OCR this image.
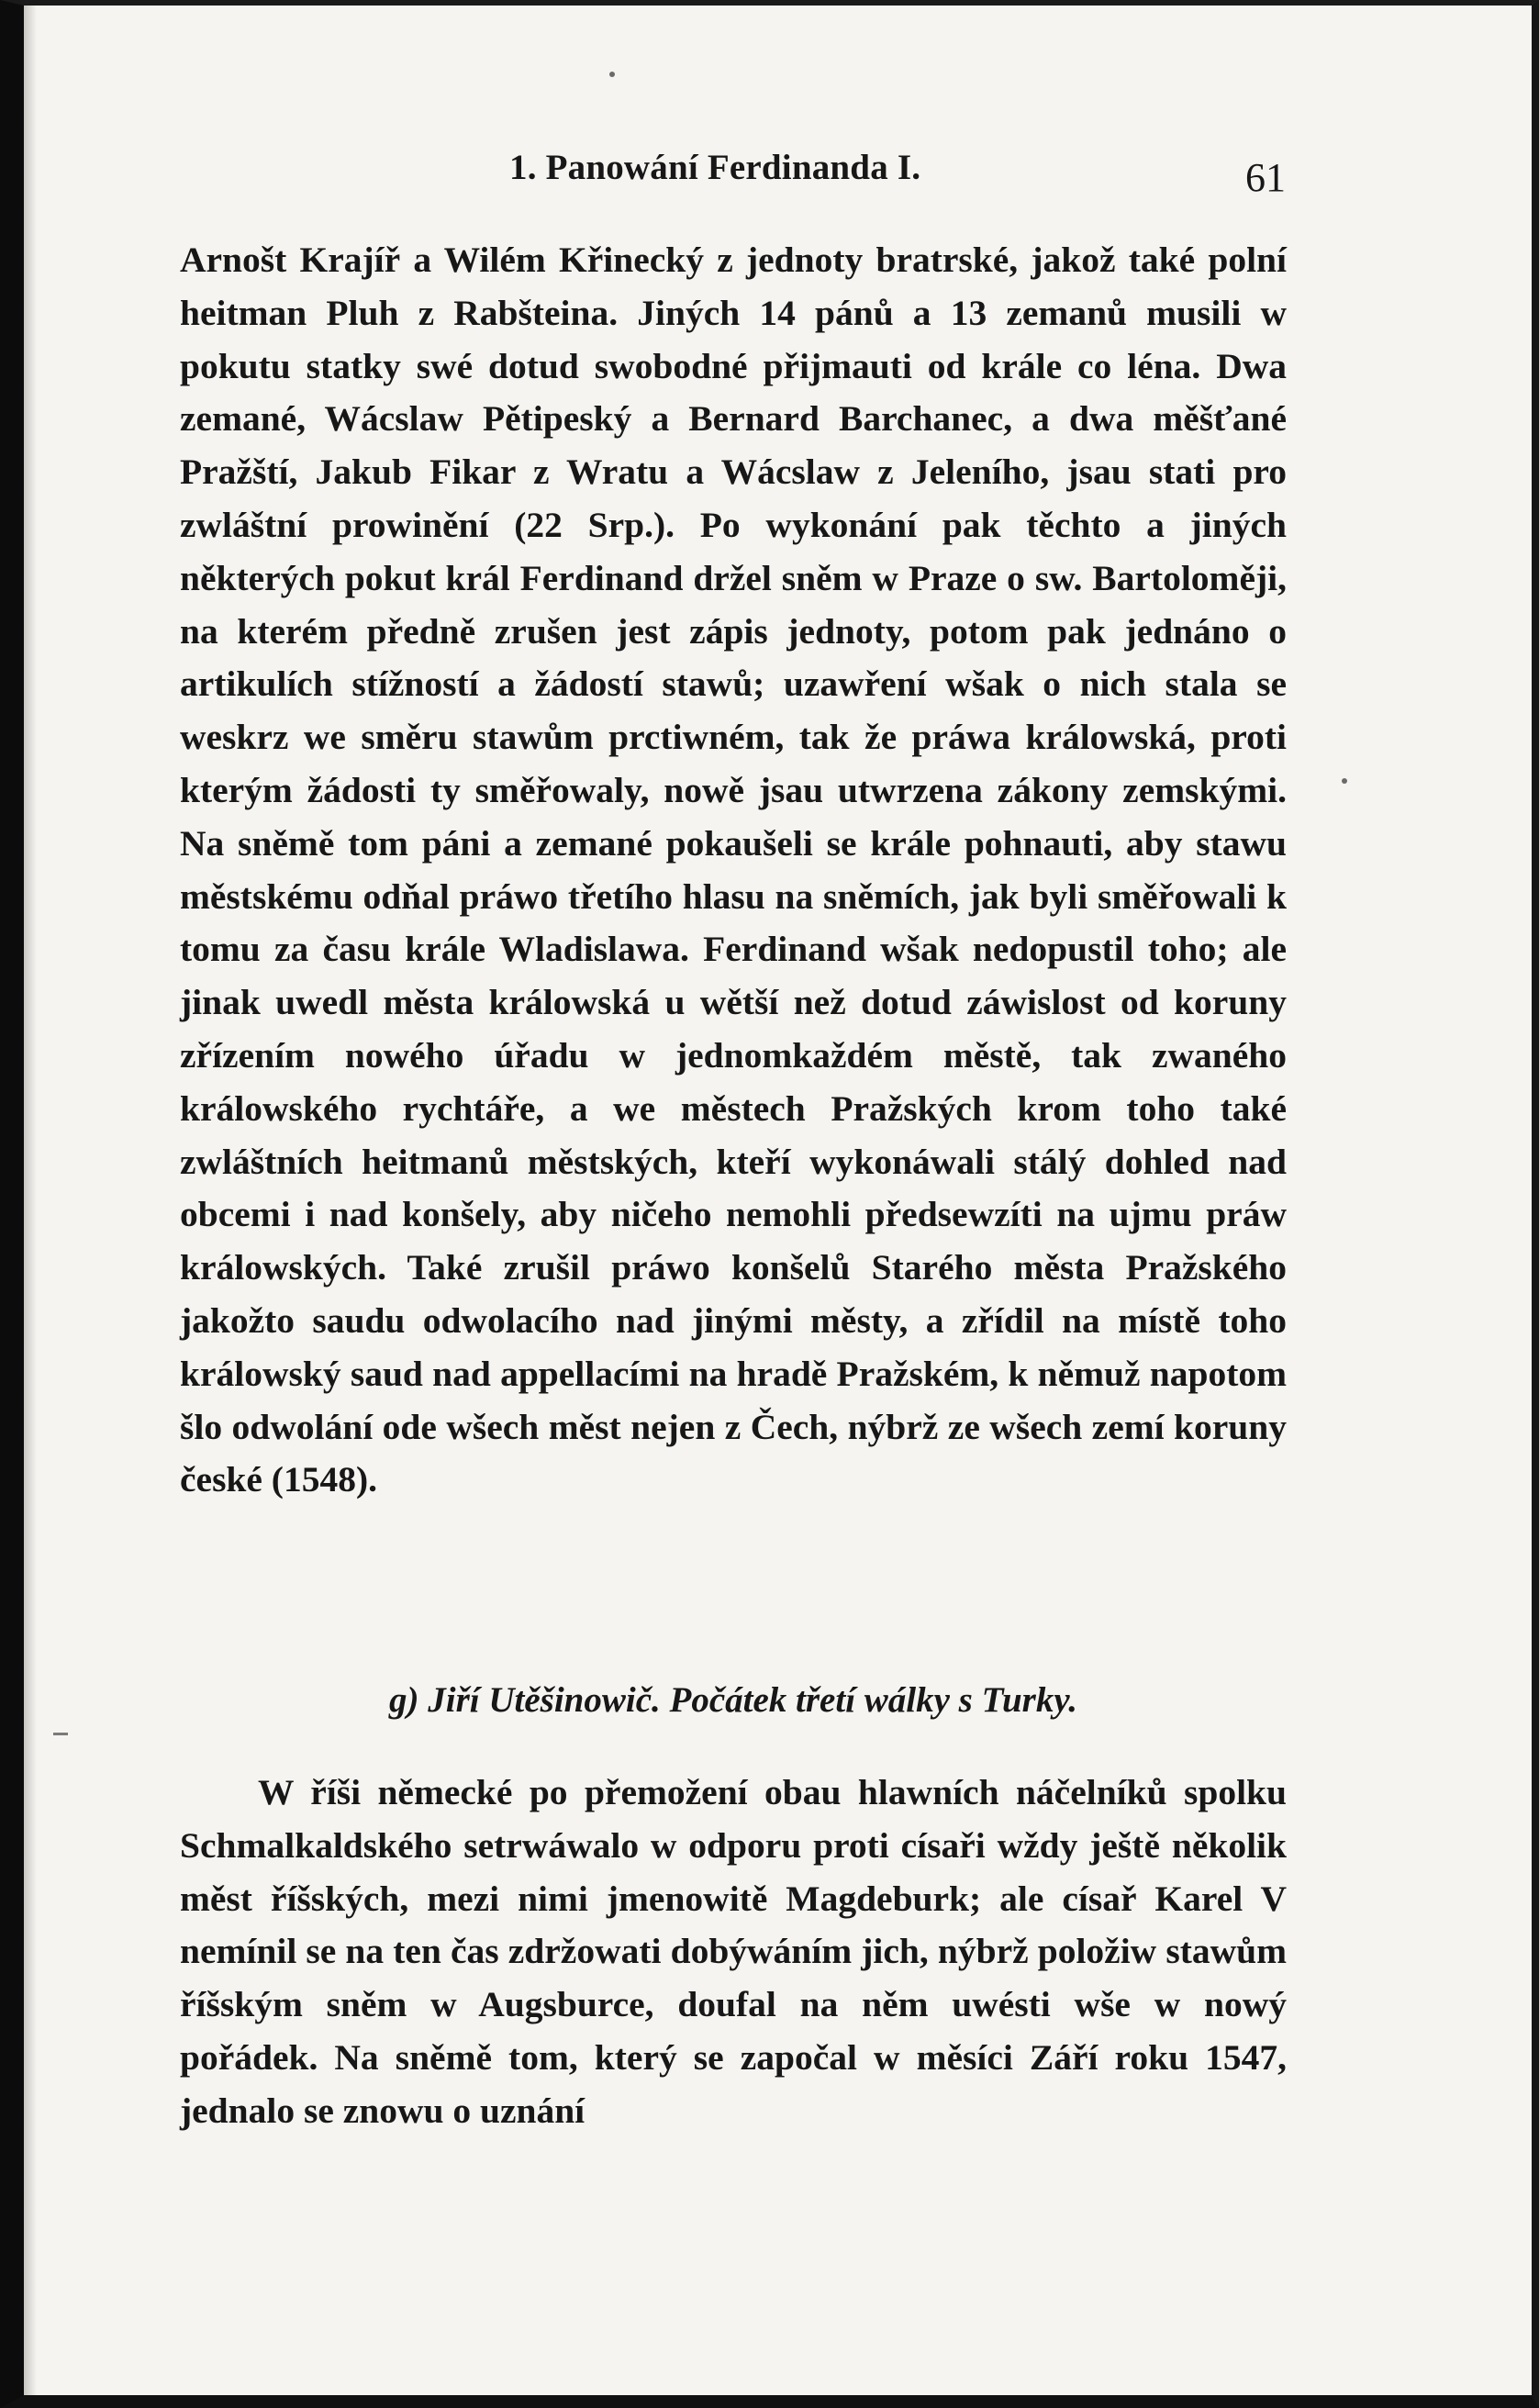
1. Panowání Ferdinanda I.	61
Arnošt Krajíř a Wilém Křinecký z jednoty bratrské, jakož také polní heitman Pluh z Rabšteina. Jiných 14 pánů a 13 zemanů musili w pokutu statky swé dotud swobodné přijmauti od krále co léna. Dwa zemané, Wácslaw Pětipeský a Bernard Barchanec, a dwa měšťané Pražští, Jakub Fikar z Wratu a Wácslaw z Jeleního, jsau stati pro zwláštní prowinění (22 Srp.). Po wykonání pak těchto a jiných některých pokut král Ferdinand držel sněm w Praze o sw. Bartoloměji, na kterém předně zrušen jest zápis jednoty, potom pak jednáno o artikulích stížností a žádostí stawů; uzawření wšak o nich stala se weskrz we směru stawům prctiwném, tak že práwa králowská, proti kterým žádosti ty směřowaly, nowě jsau utwrzena zákony zemskými. Na sněmě tom páni a zemané pokaušeli se krále pohnauti, aby stawu městskému odňal práwo třetího hlasu na sněmích, jak byli směřowali k tomu za času krále Wladislawa. Ferdinand wšak nedopustil toho; ale jinak uwedl města králowská u wětší než dotud záwislost od koruny zřízením nowého úřadu w jednomkaždém městě, tak zwaného králowského rychtáře, a we městech Pražských krom toho také zwláštních heitmanů městských, kteří wykonáwali stálý dohled nad obcemi i nad konšely, aby ničeho nemohli předsewzíti na ujmu práw králowských. Také zrušil práwo konšelů Starého města Pražského jakožto saudu odwolacího nad jinými městy, a zřídil na místě toho králowský saud nad appellacími na hradě Pražském, k němuž napotom šlo odwolání ode wšech měst nejen z Čech, nýbrž ze wšech zemí koruny české (1548).
g) Jiří Utěšinowič. Počátek třetí wálky s Turky.
W říši německé po přemožení obau hlawních náčelníků spolku Schmalkaldského setrwáwalo w odporu proti císaři wždy ještě několik měst říšských, mezi nimi jmenowitě Magdeburk; ale císař Karel V nemínil se na ten čas zdržowati dobýwáním jich, nýbrž položiw stawům říšským sněm w Augsburce, doufal na něm uwésti wše w nowý pořádek. Na sněmě tom, který se započal w měsíci Září roku 1547, jednalo se znowu o uznání
